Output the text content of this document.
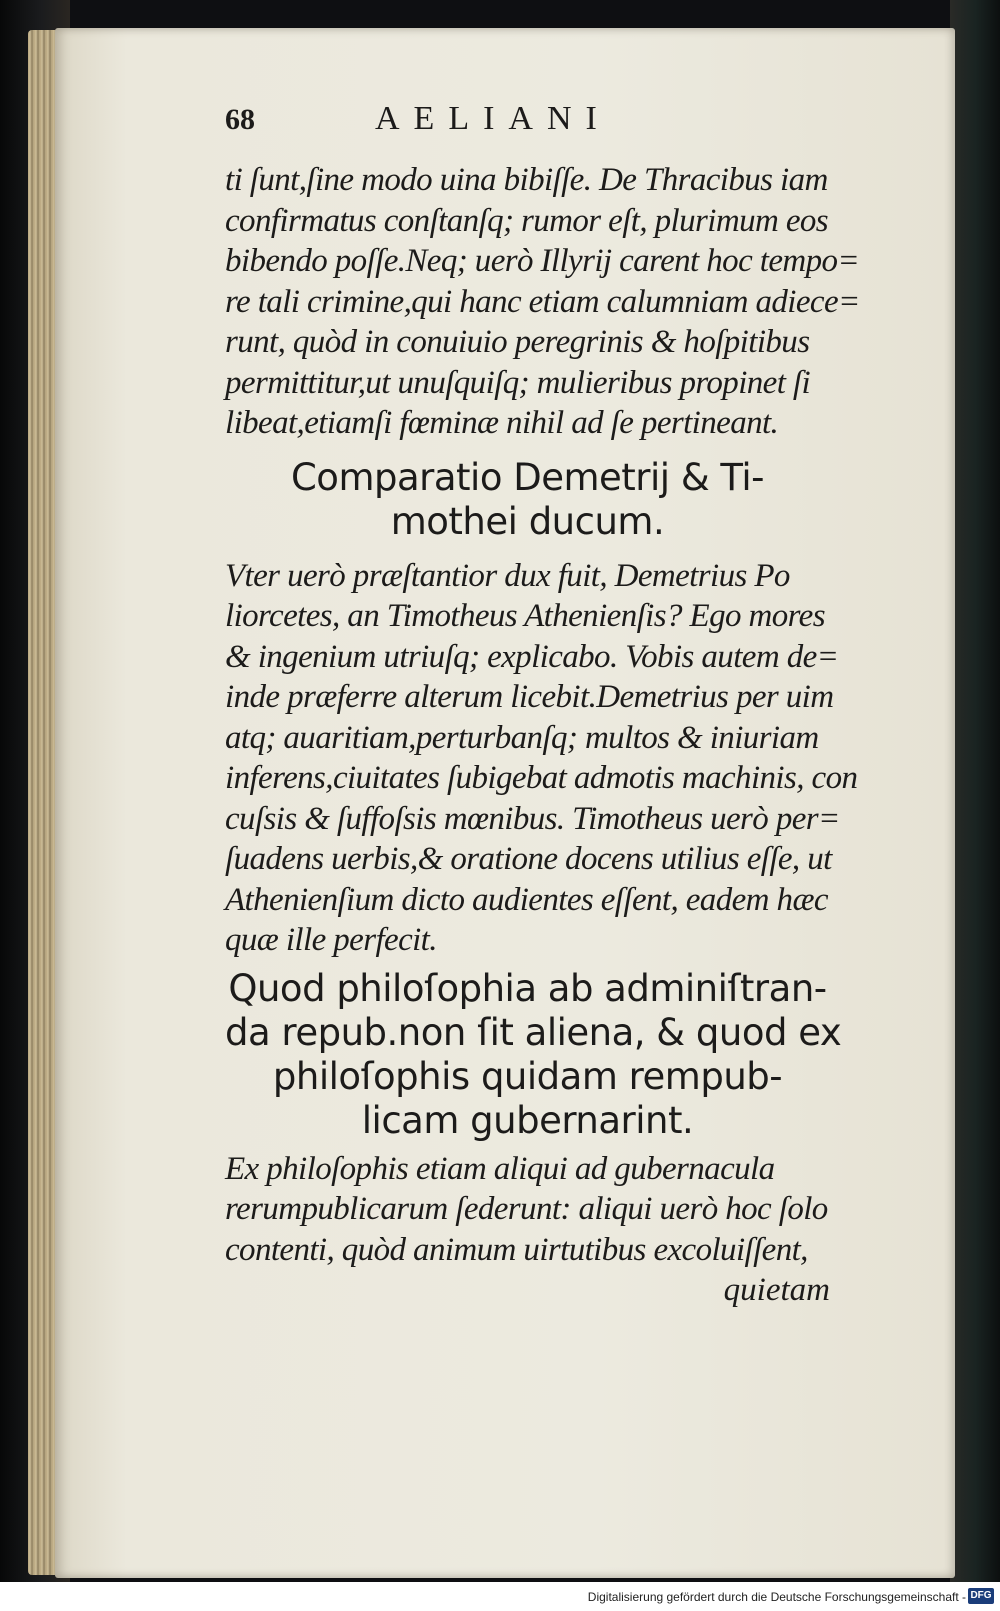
68	AELIANI
ti ſunt,ſine modo uina bibiſſe. De Thracibus iam
confirmatus conſtanſq; rumor eſt, plurimum eos
bibendo poſſe.Neq; uerò Illyrij carent hoc tempo=
re tali crimine,qui hanc etiam calumniam adiece=
runt, quòd in conuiuio peregrinis & hoſpitibus
permittitur,ut unuſquiſq; mulieribus propinet ſi
libeat,etiamſi fœminæ nihil ad ſe pertineant.
Comparatio Demetrij & Ti-
mothei ducum.
Vter uerò præſtantior dux fuit, Demetrius Po
liorcetes, an Timotheus Athenienſis? Ego mores
& ingenium utriuſq; explicabo. Vobis autem de=
inde præferre alterum licebit.Demetrius per uim
atq; auaritiam,perturbanſq; multos & iniuriam
inferens,ciuitates ſubigebat admotis machinis, con
cuſsis & ſuffoſsis mœnibus. Timotheus uerò per=
ſuadens uerbis,& oratione docens utilius eſſe, ut
Athenienſium dicto audientes eſſent, eadem hæc
quæ ille perfecit.
Quod philoſophia ab adminiſtran-
da repub.non ſit aliena, & quod ex
philoſophis quidam rempub-
licam gubernarint.
Ex philoſophis etiam aliqui ad gubernacula
rerumpublicarum ſederunt: aliqui uerò hoc ſolo
contenti, quòd animum uirtutibus excoluiſſent,
quietam
Digitalisierung gefördert durch die Deutsche Forschungsgemeinschaft - DFG
